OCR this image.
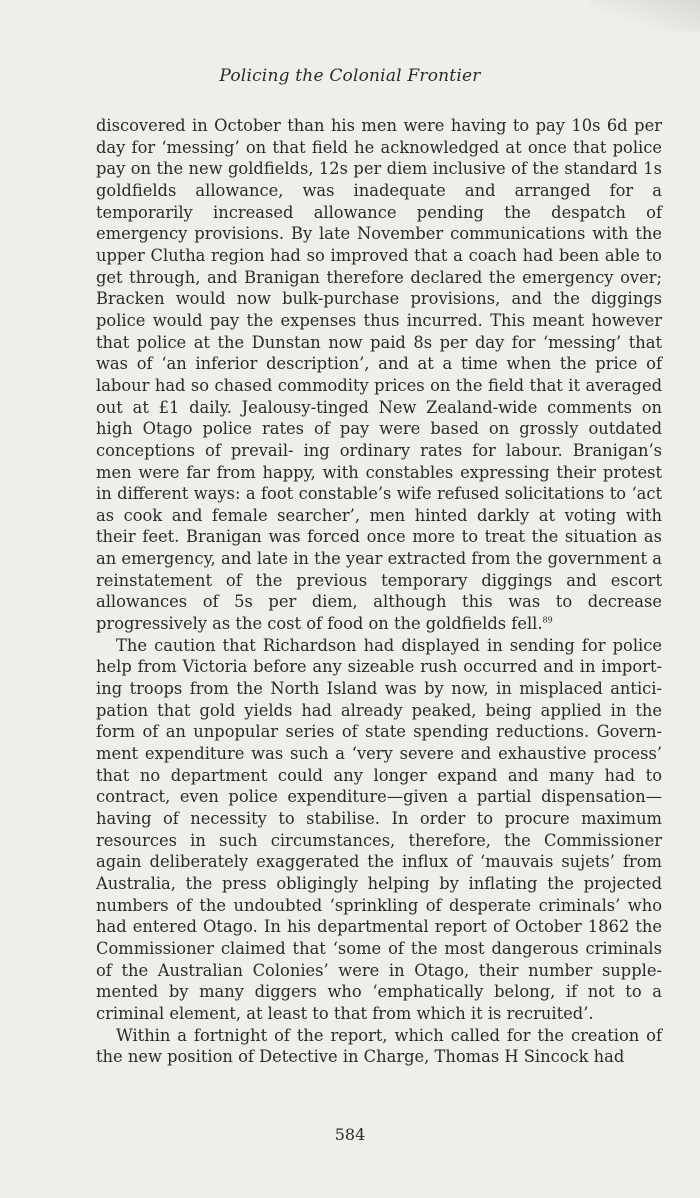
Policing the Colonial Frontier

discovered in October than his men were having to pay 10s 6d per day for ‘messing’ on that field he acknowledged at once that police pay on the new goldfields, 12s per diem inclusive of the standard 1s goldfields allowance, was inadequate and arranged for a temporarily increased allowance pending the despatch of emergency provisions. By late November communications with the upper Clutha region had so improved that a coach had been able to get through, and Branigan therefore declared the emergency over; Bracken would now bulk-purchase provisions, and the diggings police would pay the expenses thus incurred. This meant however that police at the Dunstan now paid 8s per day for ‘messing’ that was of ‘an inferior description’, and at a time when the price of labour had so chased commodity prices on the field that it averaged out at £1 daily. Jealousy-tinged New Zealand-wide comments on high Otago police rates of pay were based on grossly outdated conceptions of prevail- ing ordinary rates for labour. Branigan’s men were far from happy, with constables expressing their protest in different ways: a foot constable’s wife refused solicitations to ‘act as cook and female searcher’, men hinted darkly at voting with their feet. Branigan was forced once more to treat the situation as an emergency, and late in the year extracted from the government a reinstatement of the previous temporary diggings and escort allowances of 5s per diem, although this was to decrease progressively as the cost of food on the goldfields fell.$^{89}$

The caution that Richardson had displayed in sending for police help from Victoria before any sizeable rush occurred and in import- ing troops from the North Island was by now, in misplaced antici- pation that gold yields had already peaked, being applied in the form of an unpopular series of state spending reductions. Govern- ment expenditure was such a ‘very severe and exhaustive process’ that no department could any longer expand and many had to contract, even police expenditure—given a partial dispensation— having of necessity to stabilise. In order to procure maximum resources in such circumstances, therefore, the Commissioner again deliberately exaggerated the influx of ‘mauvais sujets’ from Australia, the press obligingly helping by inflating the projected numbers of the undoubted ‘sprinkling of desperate criminals’ who had entered Otago. In his departmental report of October 1862 the Commissioner claimed that ‘some of the most dangerous criminals of the Australian Colonies’ were in Otago, their number supple- mented by many diggers who ‘emphatically belong, if not to a criminal element, at least to that from which it is recruited’.

Within a fortnight of the report, which called for the creation of the new position of Detective in Charge, Thomas H Sincock had

584
